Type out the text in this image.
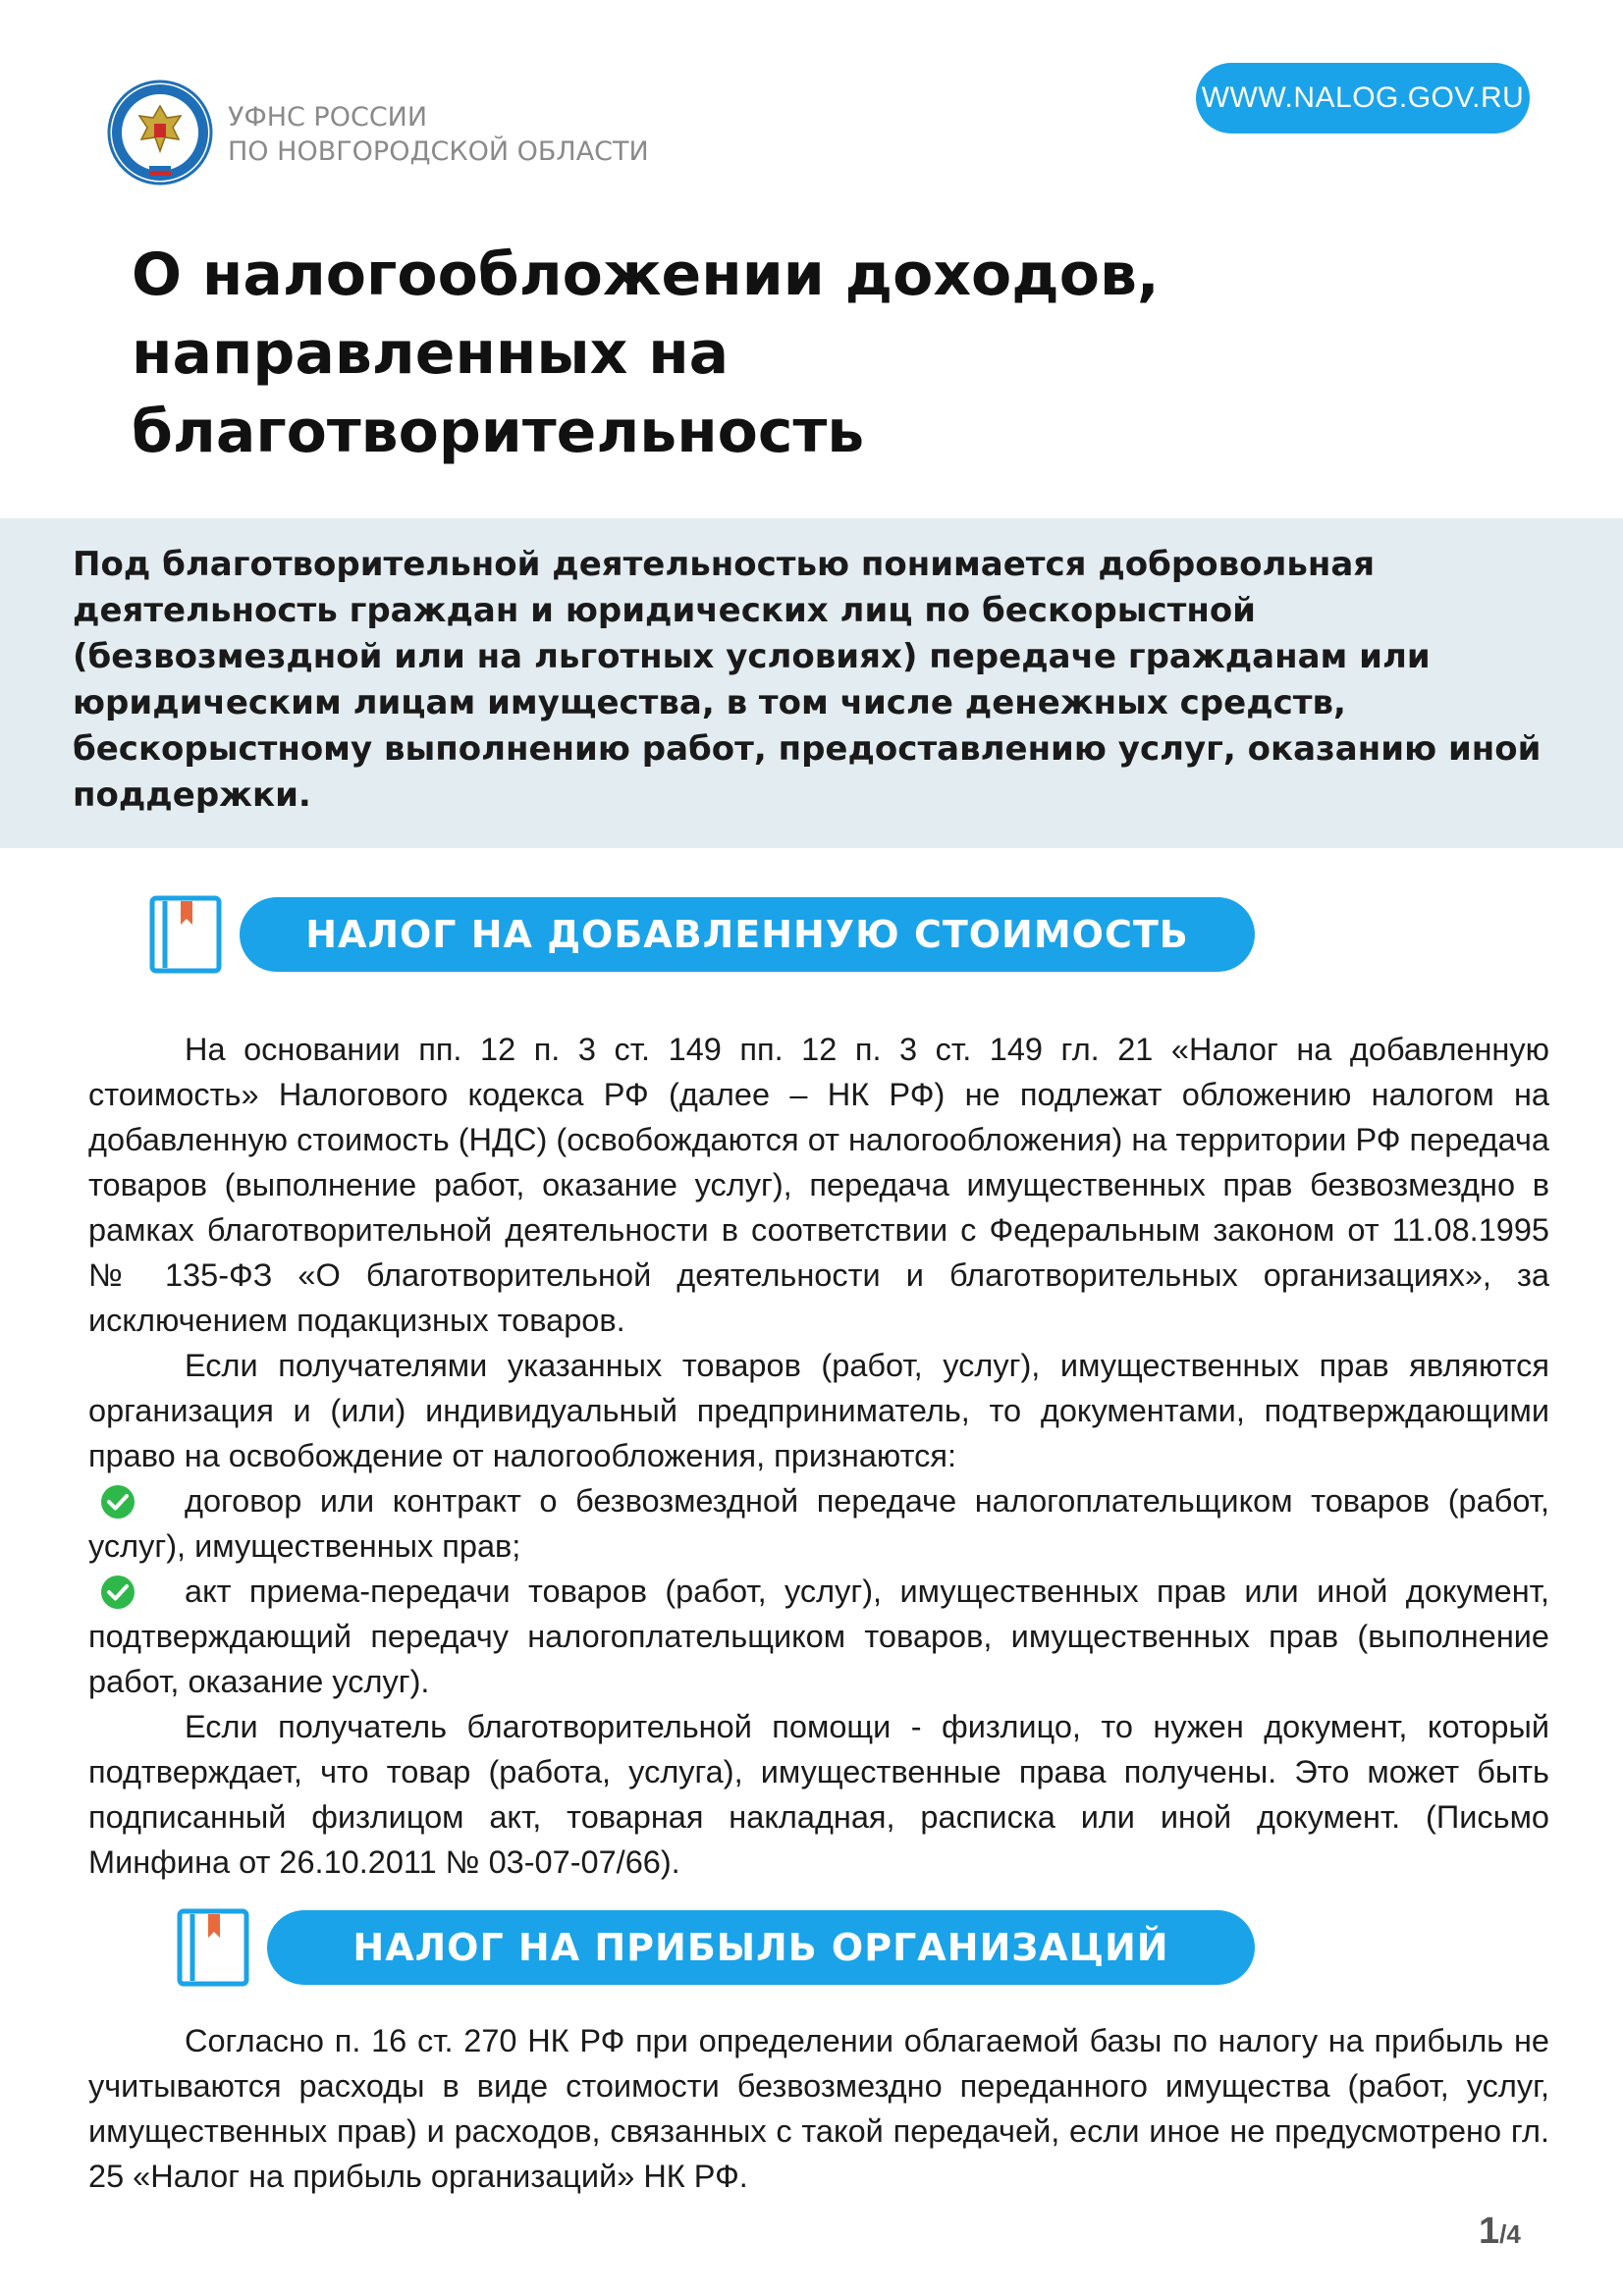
УФНС РОССИИ
ПО НОВГОРОДСКОЙ ОБЛАСТИ
WWW.NALOG.GOV.RU
О налогообложении доходов,
направленных на
благотворительность

Под благотворительной деятельностью понимается добровольная деятельность граждан и юридических лиц по бескорыстной (безвозмездной или на льготных условиях) передаче гражданам или юридическим лицам имущества, в том числе денежных средств, бескорыстному выполнению работ, предоставлению услуг, оказанию иной поддержки.

НАЛОГ НА ДОБАВЛЕННУЮ СТОИМОСТЬ

На основании пп. 12 п. 3 ст. 149 пп. 12 п. 3 ст. 149 гл. 21 «Налог на добавленную стоимость» Налогового кодекса РФ (далее – НК РФ) не подлежат обложению налогом на добавленную стоимость (НДС) (освобождаются от налогообложения) на территории РФ передача товаров (выполнение работ, оказание услуг), передача имущественных прав безвозмездно в рамках благотворительной деятельности в соответствии с Федеральным законом от 11.08.1995 № 135-ФЗ «О благотворительной деятельности и благотворительных организациях», за исключением подакцизных товаров.

Если получателями указанных товаров (работ, услуг), имущественных прав являются организация и (или) индивидуальный предприниматель, то документами, подтверждающими право на освобождение от налогообложения, признаются:

договор или контракт о безвозмездной передаче налогоплательщиком товаров (работ, услуг), имущественных прав;

акт приема-передачи товаров (работ, услуг), имущественных прав или иной документ, подтверждающий передачу налогоплательщиком товаров, имущественных прав (выполнение работ, оказание услуг).

Если получатель благотворительной помощи - физлицо, то нужен документ, который подтверждает, что товар (работа, услуга), имущественные права получены. Это может быть подписанный физлицом акт, товарная накладная, расписка или иной документ. (Письмо Минфина от 26.10.2011 № 03-07-07/66).

НАЛОГ НА ПРИБЫЛЬ ОРГАНИЗАЦИЙ

Согласно п. 16 ст. 270 НК РФ при определении облагаемой базы по налогу на прибыль не учитываются расходы в виде стоимости безвозмездно переданного имущества (работ, услуг, имущественных прав) и расходов, связанных с такой передачей, если иное не предусмотрено гл. 25 «Налог на прибыль организаций» НК РФ.

1/4
